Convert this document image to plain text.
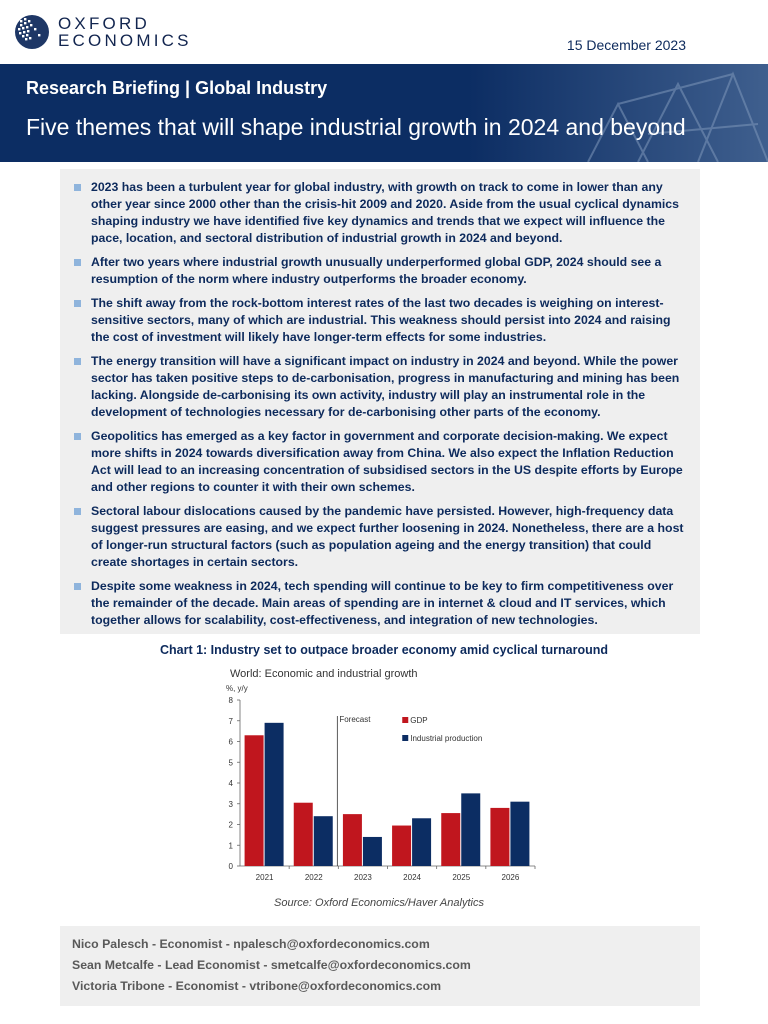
OXFORD
ECONOMICS	15 December 2023
Research Briefing | Global Industry
Five themes that will shape industrial growth in 2024 and beyond
2023 has been a turbulent year for global industry, with growth on track to come in lower than any other year since 2000 other than the crisis-hit 2009 and 2020. Aside from the usual cyclical dynamics shaping industry we have identified five key dynamics and trends that we expect will influence the pace, location, and sectoral distribution of industrial growth in 2024 and beyond.
After two years where industrial growth unusually underperformed global GDP, 2024 should see a resumption of the norm where industry outperforms the broader economy.
The shift away from the rock-bottom interest rates of the last two decades is weighing on interest-sensitive sectors, many of which are industrial. This weakness should persist into 2024 and raising the cost of investment will likely have longer-term effects for some industries.
The energy transition will have a significant impact on industry in 2024 and beyond. While the power sector has taken positive steps to de-carbonisation, progress in manufacturing and mining has been lacking. Alongside de-carbonising its own activity, industry will play an instrumental role in the development of technologies necessary for de-carbonising other parts of the economy.
Geopolitics has emerged as a key factor in government and corporate decision-making. We expect more shifts in 2024 towards diversification away from China. We also expect the Inflation Reduction Act will lead to an increasing concentration of subsidised sectors in the US despite efforts by Europe and other regions to counter it with their own schemes.
Sectoral labour dislocations caused by the pandemic have persisted. However, high-frequency data suggest pressures are easing, and we expect further loosening in 2024. Nonetheless, there are a host of longer-run structural factors (such as population ageing and the energy transition) that could create shortages in certain sectors.
Despite some weakness in 2024, tech spending will continue to be key to firm competitiveness over the remainder of the decade. Main areas of spending are in internet & cloud and IT services, which together allows for scalability, cost-effectiveness, and integration of new technologies.
Chart 1: Industry set to outpace broader economy amid cyclical turnaround
World: Economic and industrial growth
%, y/y
0
1
2
3
4
5
6
7
8
2021	2022	2023	2024	2025	2026
Forecast	GDP
Industrial production
Source: Oxford Economics/Haver Analytics
Nico Palesch - Economist - npalesch@oxfordeconomics.com
Sean Metcalfe - Lead Economist - smetcalfe@oxfordeconomics.com
Victoria Tribone - Economist - vtribone@oxfordeconomics.com
